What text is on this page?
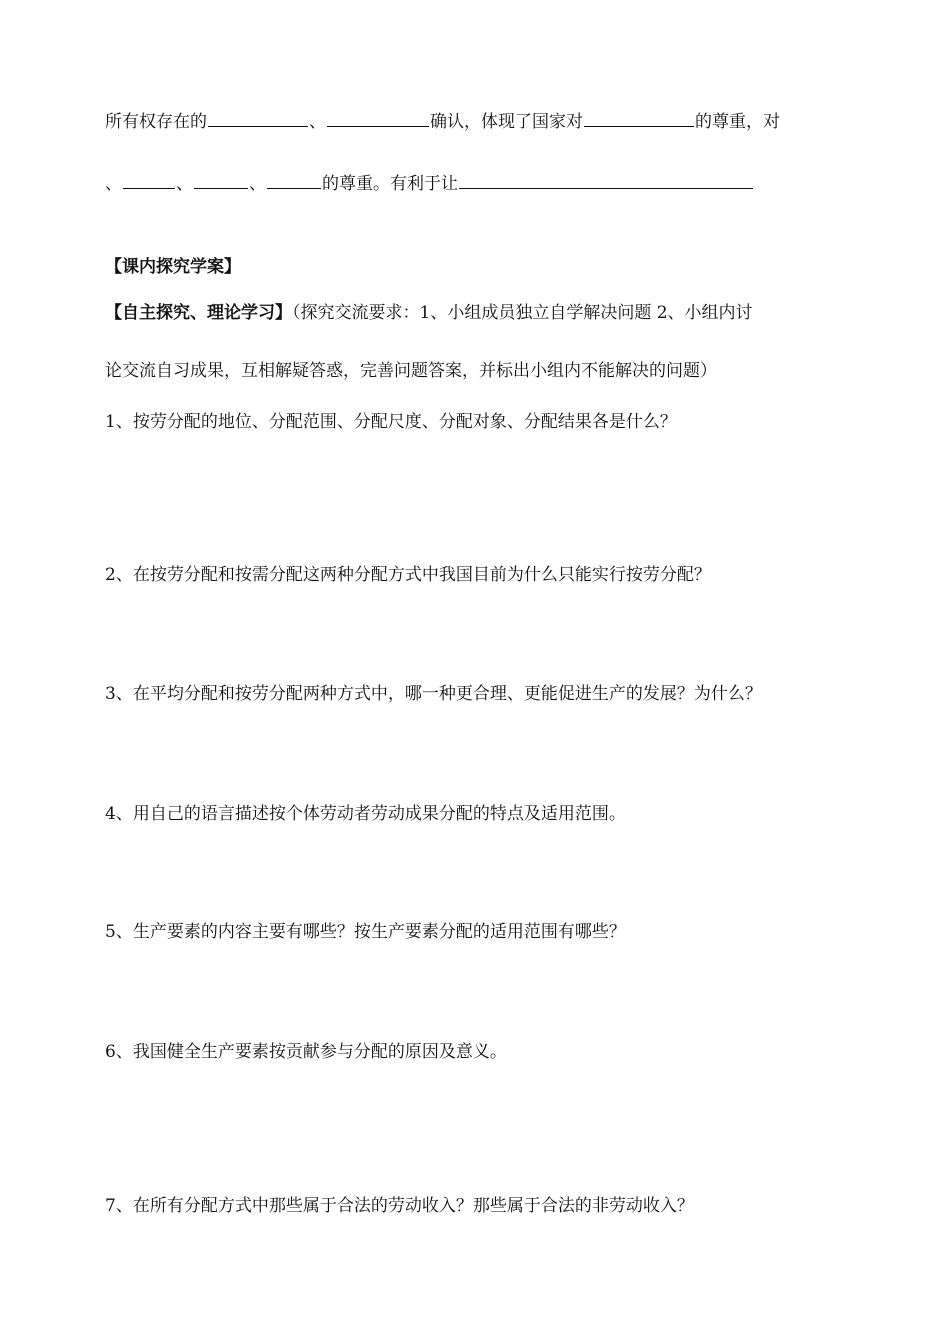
所有权存在的	、	确认，体现了国家对	的尊重，对
、	、	、	的尊重。有利于让
【课内探究学案】
【自主探究、理论学习】（探究交流要求：1、小组成员独立自学解决问题 2、小组内讨
论交流自习成果，互相解疑答惑，完善问题答案，并标出小组内不能解决的问题）
1、按劳分配的地位、分配范围、分配尺度、分配对象、分配结果各是什么？
2、在按劳分配和按需分配这两种分配方式中我国目前为什么只能实行按劳分配？
3、在平均分配和按劳分配两种方式中，哪一种更合理、更能促进生产的发展？为什么？
4、用自己的语言描述按个体劳动者劳动成果分配的特点及适用范围。
5、生产要素的内容主要有哪些？按生产要素分配的适用范围有哪些？
6、我国健全生产要素按贡献参与分配的原因及意义。
7、在所有分配方式中那些属于合法的劳动收入？那些属于合法的非劳动收入？
